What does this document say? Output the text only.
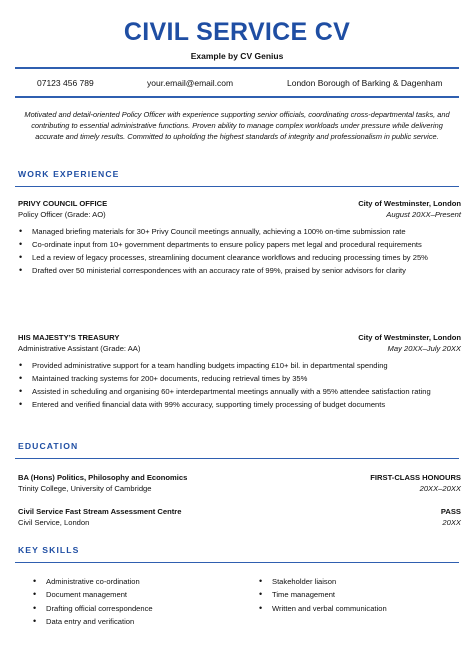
CIVIL SERVICE CV
Example by CV Genius
07123 456 789	your.email@email.com	London Borough of Barking & Dagenham
Motivated and detail-oriented Policy Officer with experience supporting senior officials, coordinating cross-departmental tasks, and contributing to essential administrative functions. Proven ability to manage complex workloads under pressure while delivering accurate and timely results. Committed to upholding the highest standards of integrity and professionalism in public service.
WORK EXPERIENCE
PRIVY COUNCIL OFFICE	City of Westminster, London
Policy Officer (Grade: AO)	August 20XX–Present
• Managed briefing materials for 30+ Privy Council meetings annually, achieving a 100% on-time submission rate
• Co-ordinate input from 10+ government departments to ensure policy papers met legal and procedural requirements
• Led a review of legacy processes, streamlining document clearance workflows and reducing processing times by 25%
• Drafted over 50 ministerial correspondences with an accuracy rate of 99%, praised by senior advisors for clarity
HIS MAJESTY’S TREASURY	City of Westminster, London
Administrative Assistant (Grade: AA)	May 20XX–July 20XX
• Provided administrative support for a team handling budgets impacting £10+ bil. in departmental spending
• Maintained tracking systems for 200+ documents, reducing retrieval times by 35%
• Assisted in scheduling and organising 60+ interdepartmental meetings annually with a 95% attendee satisfaction rating
• Entered and verified financial data with 99% accuracy, supporting timely processing of budget documents
EDUCATION
BA (Hons) Politics, Philosophy and Economics	FIRST-CLASS HONOURS
Trinity College, University of Cambridge	20XX–20XX
Civil Service Fast Stream Assessment Centre	PASS
Civil Service, London	20XX
KEY SKILLS
• Administrative co-ordination
• Document management
• Drafting official correspondence
• Data entry and verification
• Stakeholder liaison
• Time management
• Written and verbal communication
